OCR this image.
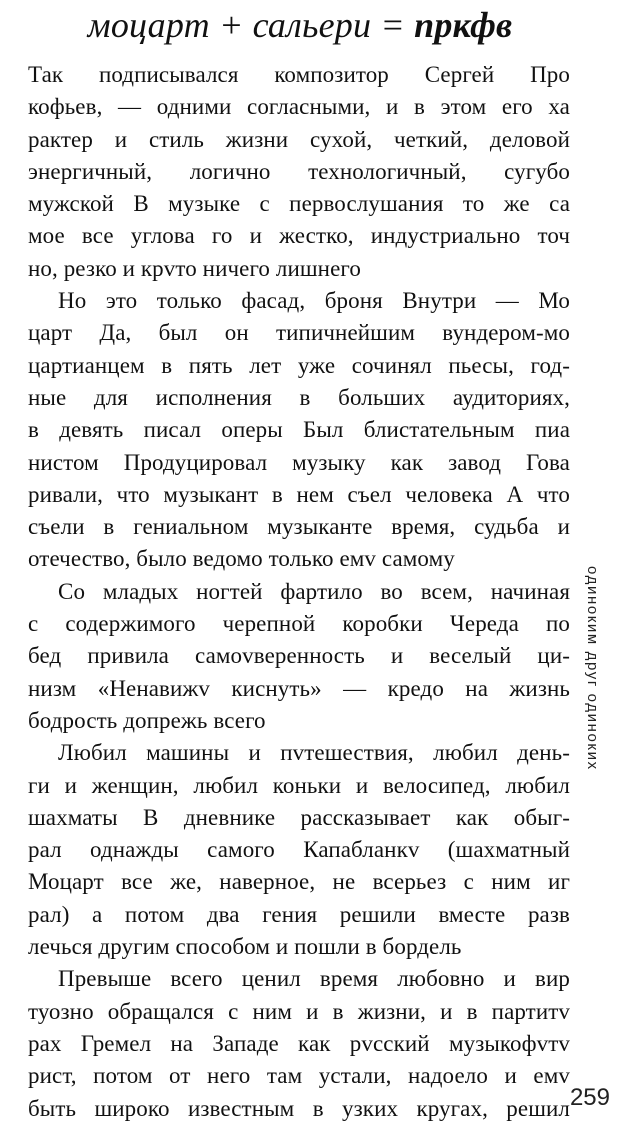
моцарт + сальери = пркфв
Так подписывался композитор Сергей Про
кофьев, — одними согласными, и в этом его ха
рактер и стиль жизни сухой, четкий, деловой
энергичный, логично технологичный, сугубо
мужской В музыке с первослушания то же са
мое все углова го и жестко, индустриально точ
но, резко и крvто ничего лишнего
Но это только фасад, броня Внутри — Мо
царт Да, был он типичнейшим вундером-мо
цартианцем в пять лет уже сочинял пьесы, год-
ные для исполнения в больших аудиториях,
в девять писал оперы Был блистательным пиа
нистом Продуцировал музыку как завод Гова
ривали, что музыкант в нем съел человека А что
съели в гениальном музыканте время, судьба и
отечество, было ведомо только емv самому
Со младых ногтей фартило во всем, начиная
с содержимого черепной коробки Череда по
бед привила самоvверенность и веселый ци-
низм «Ненавижv киснуть» — кредо на жизнь
бодрость допрежь всего
Любил машины и пvтешествия, любил день-
ги и женщин, любил коньки и велосипед, любил
шахматы В дневнике рассказывает как обыг-
рал однажды самого Капабланкv (шахматный
Моцарт все же, наверное, не всерьез с ним иг
рал) а потом два гения решили вместе разв
лечься другим способом и пошли в бордель
Превыше всего ценил время любовно и вир
туозно обращался с ним и в жизни, и в партитv
рах Гремел на Западе как рvсский музыкофvтv
рист, потом от него там устали, надоело и емv
быть широко известным в узких кругах, решил
одиноким друг одиноких
259
